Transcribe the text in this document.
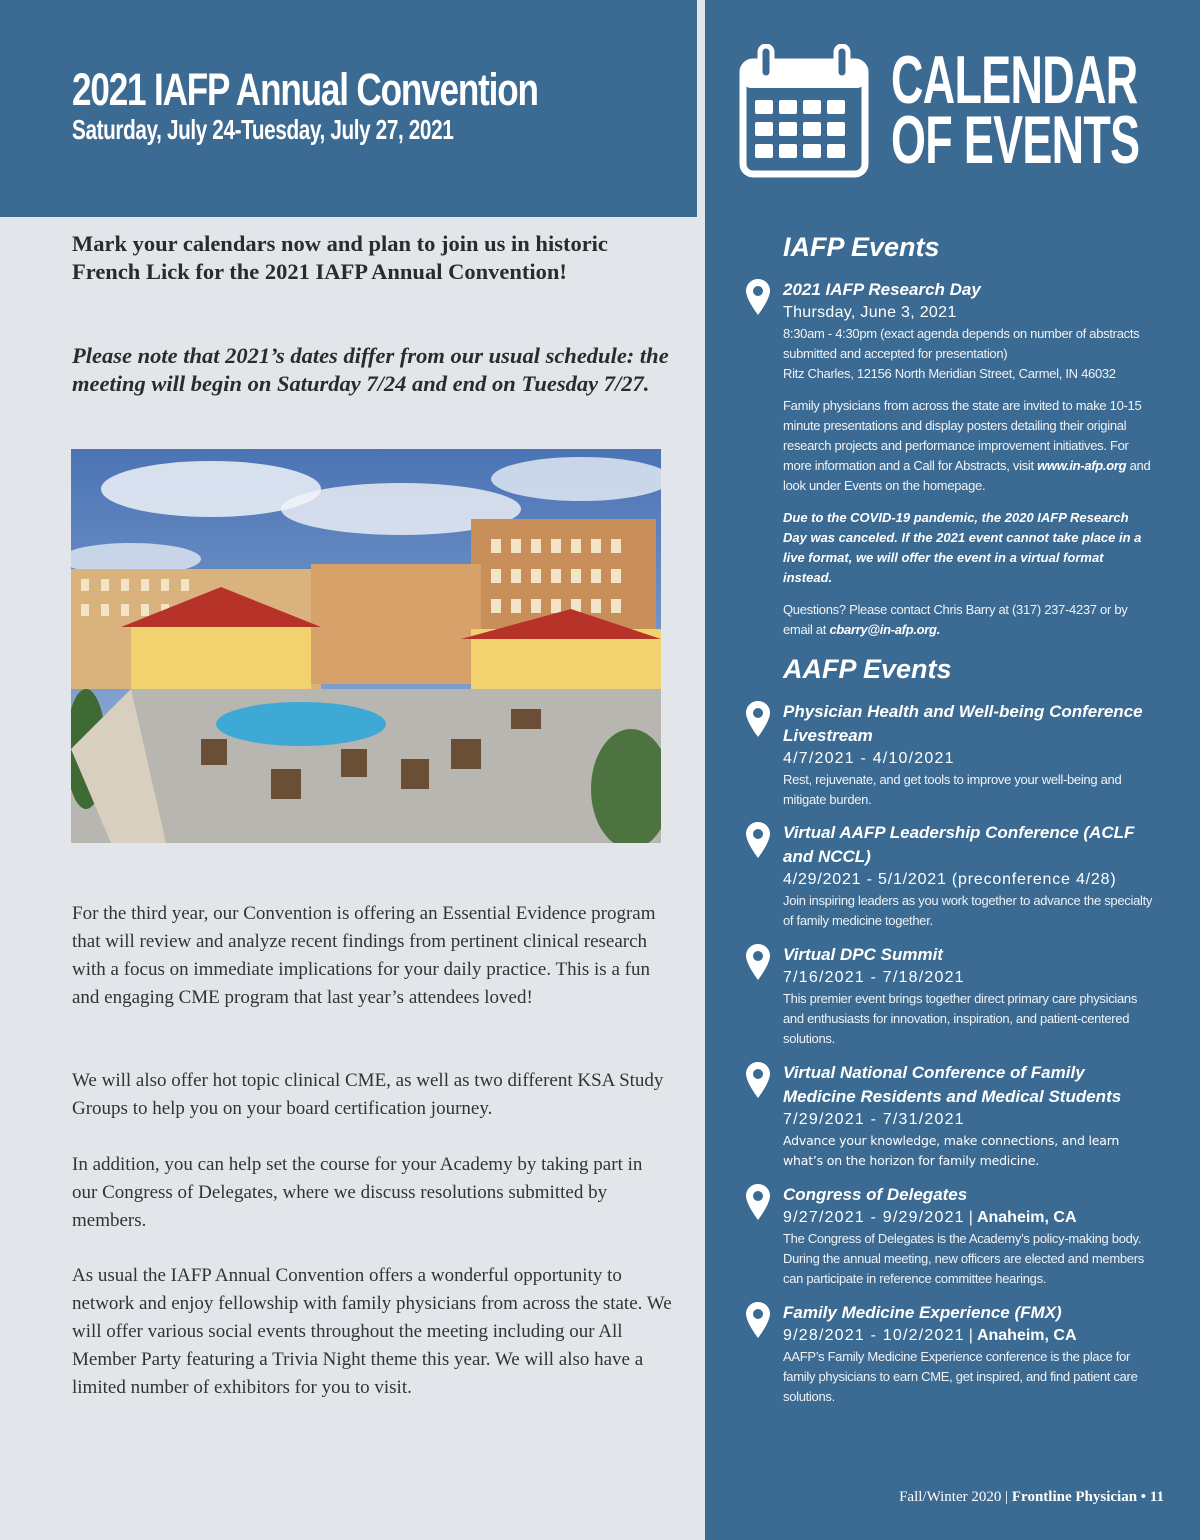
2021 IAFP Annual Convention
Saturday, July 24-Tuesday, July 27, 2021
Mark your calendars now and plan to join us in historic French Lick for the 2021 IAFP Annual Convention!
Please note that 2021’s dates differ from our usual schedule: the meeting will begin on Saturday 7/24 and end on Tuesday 7/27.
For the third year, our Convention is offering an Essential Evidence program that will review and analyze recent findings from pertinent clinical research with a focus on immediate implications for your daily practice. This is a fun and engaging CME program that last year’s attendees loved!
We will also offer hot topic clinical CME, as well as two different KSA Study Groups to help you on your board certification journey.
In addition, you can help set the course for your Academy by taking part in our Congress of Delegates, where we discuss resolutions submitted by members.
As usual the IAFP Annual Convention offers a wonderful opportunity to network and enjoy fellowship with family physicians from across the state. We will offer various social events throughout the meeting including our All Member Party featuring a Trivia Night theme this year. We will also have a limited number of exhibitors for you to visit.
CALENDAR
OF EVENTS
IAFP Events
2021 IAFP Research Day
Thursday, June 3, 2021
8:30am - 4:30pm (exact agenda depends on number of abstracts submitted and accepted for presentation)
Ritz Charles, 12156 North Meridian Street, Carmel, IN 46032
Family physicians from across the state are invited to make 10-15 minute presentations and display posters detailing their original research projects and performance improvement initiatives. For more information and a Call for Abstracts, visit www.in-afp.org and look under Events on the homepage.
Due to the COVID-19 pandemic, the 2020 IAFP Research Day was canceled. If the 2021 event cannot take place in a live format, we will offer the event in a virtual format instead.
Questions? Please contact Chris Barry at (317) 237-4237 or by email at cbarry@in-afp.org.
AAFP Events
Physician Health and Well-being Conference Livestream
4/7/2021 - 4/10/2021
Rest, rejuvenate, and get tools to improve your well-being and mitigate burden.
Virtual AAFP Leadership Conference (ACLF and NCCL)
4/29/2021 - 5/1/2021 (preconference 4/28)
Join inspiring leaders as you work together to advance the specialty of family medicine together.
Virtual DPC Summit
7/16/2021 - 7/18/2021
This premier event brings together direct primary care physicians and enthusiasts for innovation, inspiration, and patient-centered solutions.
Virtual National Conference of Family Medicine Residents and Medical Students
7/29/2021 - 7/31/2021
Advance your knowledge, make connections, and learn what’s on the horizon for family medicine.
Congress of Delegates
9/27/2021 - 9/29/2021 | Anaheim, CA
The Congress of Delegates is the Academy’s policy-making body. During the annual meeting, new officers are elected and members can participate in reference committee hearings.
Family Medicine Experience (FMX)
9/28/2021 - 10/2/2021 | Anaheim, CA
AAFP’s Family Medicine Experience conference is the place for family physicians to earn CME, get inspired, and find patient care solutions.
Fall/Winter 2020 | Frontline Physician • 11
